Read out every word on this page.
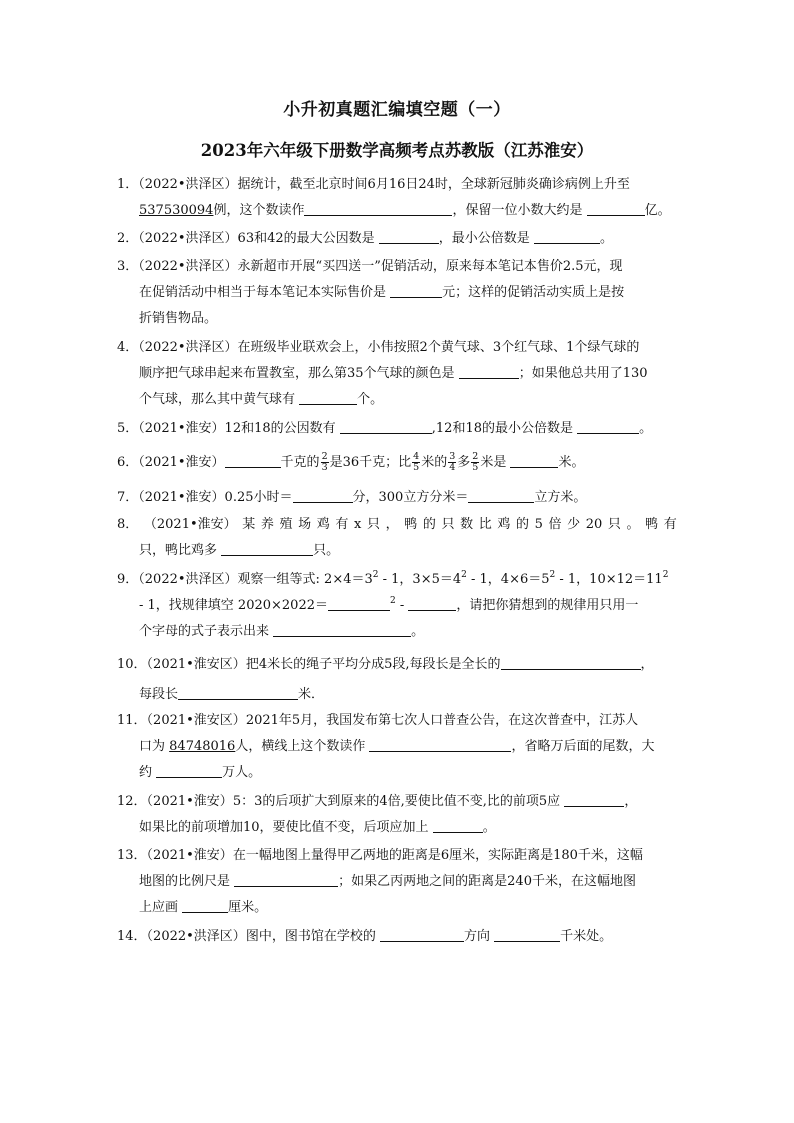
小升初真题汇编填空题（一）
2023年六年级下册数学高频考点苏教版（江苏淮安）
1．（2022•洪泽区）据统计，截至北京时间6月16日24时，全球新冠肺炎确诊病例上升至
537530094例，这个数读作	，保留一位小数大约是	亿。
2．（2022•洪泽区）63和42的最大公因数是	，最小公倍数是	。
3．（2022•洪泽区）永新超市开展“买四送一”促销活动，原来每本笔记本售价2.5元，现
在促销活动中相当于每本笔记本实际售价是	元；这样的促销活动实质上是按
折销售物品。
4．（2022•洪泽区）在班级毕业联欢会上，小伟按照2个黄气球、3个红气球、1个绿气球的
顺序把气球串起来布置教室，那么第35个气球的颜色是	；如果他总共用了130
个气球，那么其中黄气球有	个。
5．（2021•淮安）12和18的公因数有	,12和18的最小公倍数是	。
6．（2021•淮安）	千克的 $\frac{2}{3}$ 是36千克；比 $\frac{4}{5}$ 米的 $\frac{3}{4}$ 多 $\frac{2}{5}$ 米是	米。
7．（2021•淮安）0.25小时＝	分，300立方分米＝	立方米。
8． （2021•淮安） 某 养 殖 场 鸡 有 x 只 ， 鸭 的 只 数 比 鸡 的 5 倍 少 20 只 。 鸭 有
只，鸭比鸡多	只。
9．（2022•洪泽区）观察一组等式: $2\times 4=3^2 - 1$，$3\times 5=4^2 - 1$，$4\times 6=5^2 - 1$，$10\times 12=11^2$
- 1，找规律填空 2020×2022＝	$^2$ -	，请把你猜想到的规律用只用一
个字母的式子表示出来	。
10．（2021•淮安区）把4米长的绳子平均分成5段,每段长是全长的	，
每段长	米．
11．（2021•淮安区）2021年5月，我国发布第七次人口普查公告，在这次普查中，江苏人
口为 84748016人，横线上这个数读作	，省略万后面的尾数，大
约	万人。
12．（2021•淮安）5：3的后项扩大到原来的4倍,要使比值不变,比的前项5应	，
如果比的前项增加10，要使比值不变，后项应加上	。
13．（2021•淮安）在一幅地图上量得甲乙两地的距离是6厘米，实际距离是180千米，这幅
地图的比例尺是	；如果乙丙两地之间的距离是240千米，在这幅地图
上应画	厘米。
14．（2022•洪泽区）图中，图书馆在学校的	方向	千米处。
